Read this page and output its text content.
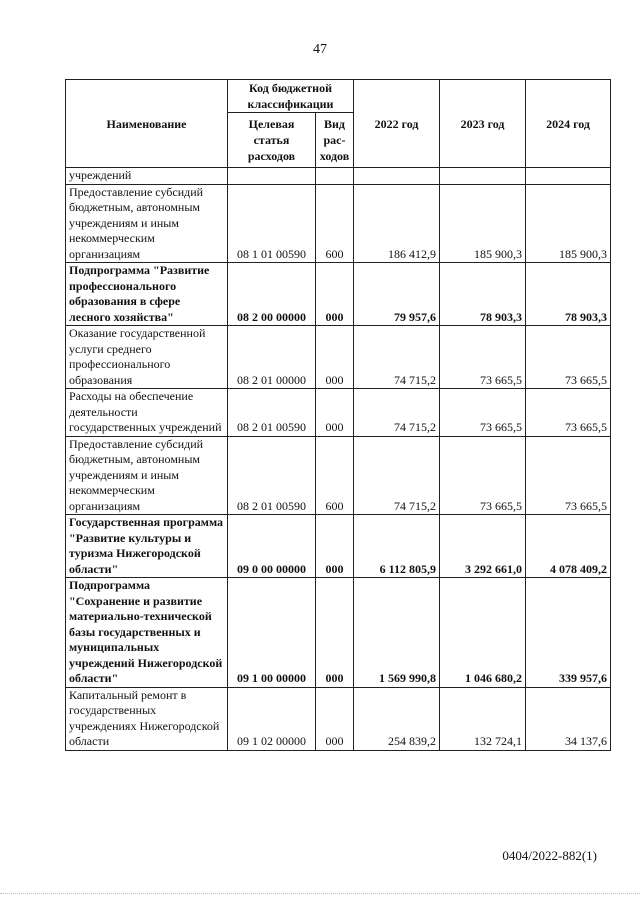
47
Наименование	Код бюджетной классификации		2022 год	2023 год	2024 год
	Целевая статья расходов	Вид рас-ходов			
учреждений					
Предоставление субсидий бюджетным, автономным учреждениям и иным некоммерческим организациям	08 1 01 00590	600	186 412,9	185 900,3	185 900,3
Подпрограмма "Развитие профессионального образования в сфере лесного хозяйства"	08 2 00 00000	000	79 957,6	78 903,3	78 903,3
Оказание государственной услуги среднего профессионального образования	08 2 01 00000	000	74 715,2	73 665,5	73 665,5
Расходы на обеспечение деятельности государственных учреждений	08 2 01 00590	000	74 715,2	73 665,5	73 665,5
Предоставление субсидий бюджетным, автономным учреждениям и иным некоммерческим организациям	08 2 01 00590	600	74 715,2	73 665,5	73 665,5
Государственная программа "Развитие культуры и туризма Нижегородской области"	09 0 00 00000	000	6 112 805,9	3 292 661,0	4 078 409,2
Подпрограмма "Сохранение и развитие материально-технической базы государственных и муниципальных учреждений Нижегородской области"	09 1 00 00000	000	1 569 990,8	1 046 680,2	339 957,6
Капитальный ремонт в государственных учреждениях Нижегородской области	09 1 02 00000	000	254 839,2	132 724,1	34 137,6
0404/2022-882(1)
